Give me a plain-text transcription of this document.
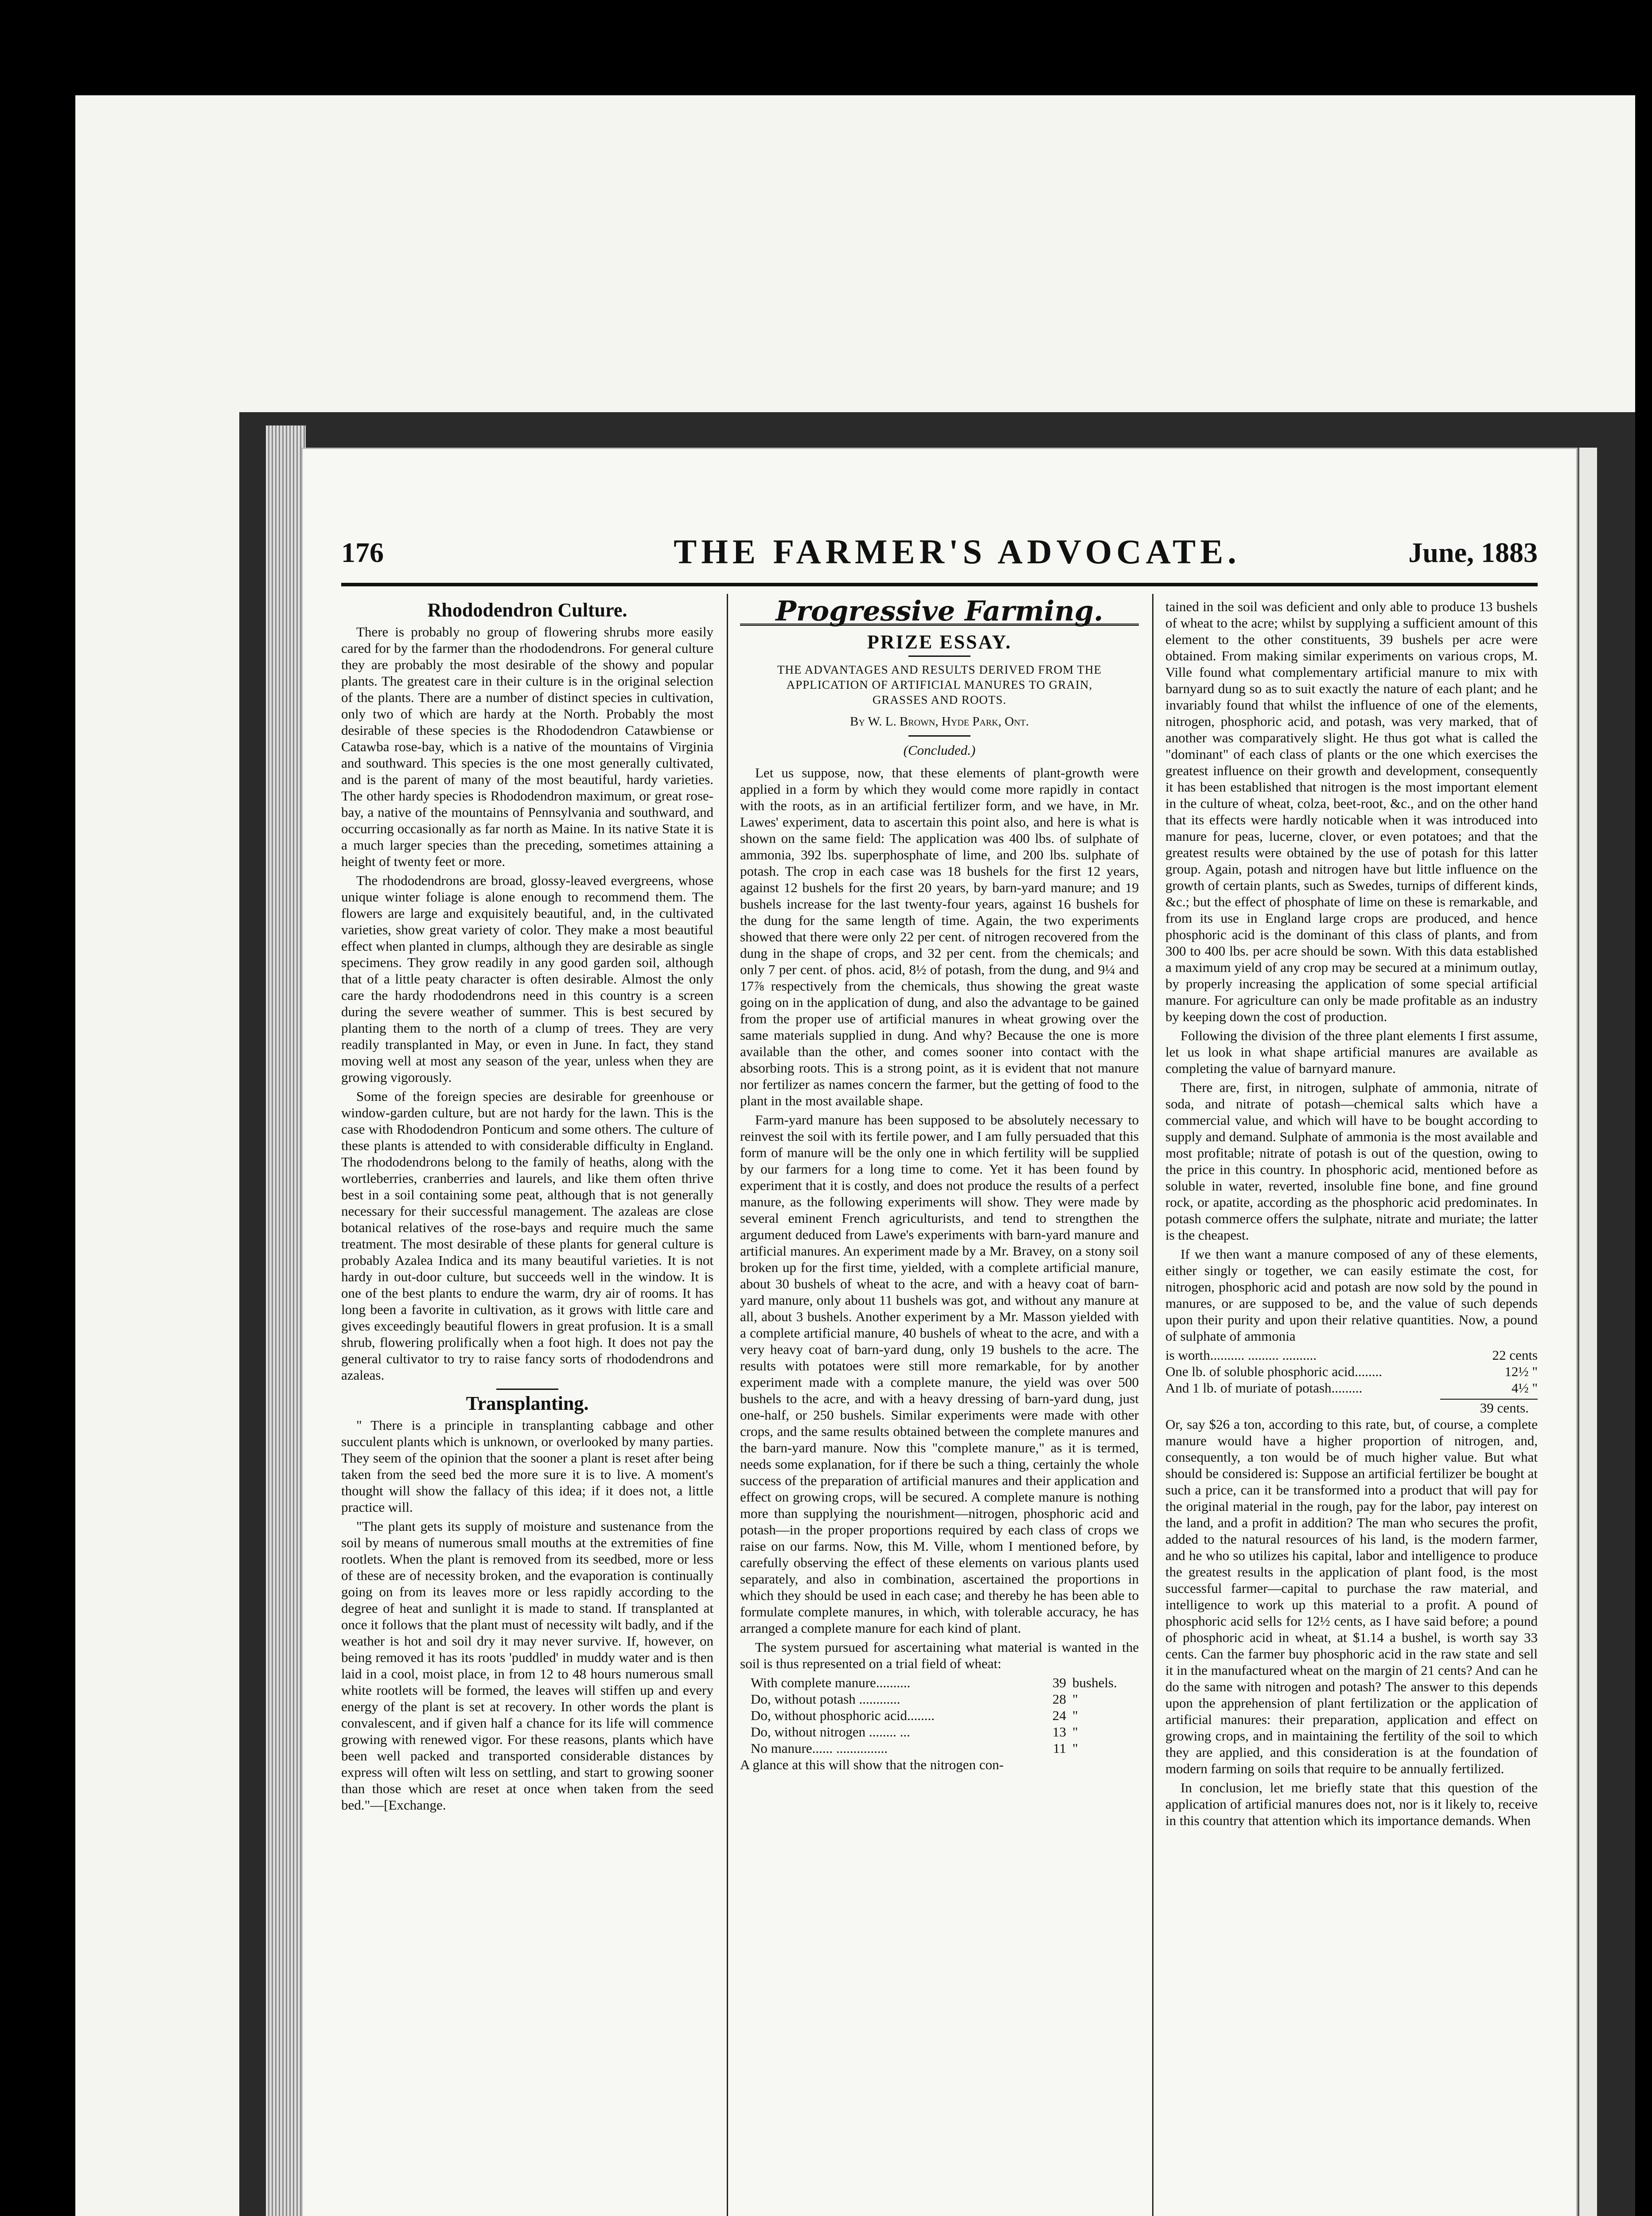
176	THE FARMER'S ADVOCATE.	June, 1883
Rhododendron Culture.

There is probably no group of flowering shrubs more easily cared for by the farmer than the rhododendrons. For general culture they are probably the most desirable of the showy and popular plants. The greatest care in their culture is in the original selection of the plants. There are a number of distinct species in cultivation, only two of which are hardy at the North. Probably the most desirable of these species is the Rhododendron Catawbiense or Catawba rose-bay, which is a native of the mountains of Virginia and southward. This species is the one most generally cultivated, and is the parent of many of the most beautiful, hardy varieties. The other hardy species is Rhododendron maximum, or great rose-bay, a native of the mountains of Pennsylvania and southward, and occurring occasionally as far north as Maine. In its native State it is a much larger species than the preceding, sometimes attaining a height of twenty feet or more.

The rhododendrons are broad, glossy-leaved evergreens, whose unique winter foliage is alone enough to recommend them. The flowers are large and exquisitely beautiful, and, in the cultivated varieties, show great variety of color. They make a most beautiful effect when planted in clumps, although they are desirable as single specimens. They grow readily in any good garden soil, although that of a little peaty character is often desirable. Almost the only care the hardy rhododendrons need in this country is a screen during the severe weather of summer. This is best secured by planting them to the north of a clump of trees. They are very readily transplanted in May, or even in June. In fact, they stand moving well at most any season of the year, unless when they are growing vigorously.

Some of the foreign species are desirable for greenhouse or window-garden culture, but are not hardy for the lawn. This is the case with Rhododendron Ponticum and some others. The culture of these plants is attended to with considerable difficulty in England. The rhododendrons belong to the family of heaths, along with the wortleberries, cranberries and laurels, and like them often thrive best in a soil containing some peat, although that is not generally necessary for their successful management. The azaleas are close botanical relatives of the rose-bays and require much the same treatment. The most desirable of these plants for general culture is probably Azalea Indica and its many beautiful varieties. It is not hardy in out-door culture, but succeeds well in the window. It is one of the best plants to endure the warm, dry air of rooms. It has long been a favorite in cultivation, as it grows with little care and gives exceedingly beautiful flowers in great profusion. It is a small shrub, flowering prolifically when a foot high. It does not pay the general cultivator to try to raise fancy sorts of rhododendrons and azaleas.

Transplanting.

" There is a principle in transplanting cabbage and other succulent plants which is unknown, or overlooked by many parties. They seem of the opinion that the sooner a plant is reset after being taken from the seed bed the more sure it is to live. A moment's thought will show the fallacy of this idea; if it does not, a little practice will.

"The plant gets its supply of moisture and sustenance from the soil by means of numerous small mouths at the extremities of fine rootlets. When the plant is removed from its seedbed, more or less of these are of necessity broken, and the evaporation is continually going on from its leaves more or less rapidly according to the degree of heat and sunlight it is made to stand. If transplanted at once it follows that the plant must of necessity wilt badly, and if the weather is hot and soil dry it may never survive. If, however, on being removed it has its roots 'puddled' in muddy water and is then laid in a cool, moist place, in from 12 to 48 hours numerous small white rootlets will be formed, the leaves will stiffen up and every energy of the plant is set at recovery. In other words the plant is convalescent, and if given half a chance for its life will commence growing with renewed vigor. For these reasons, plants which have been well packed and transported considerable distances by express will often wilt less on settling, and start to growing sooner than those which are reset at once when taken from the seed bed."—[Exchange.

Progressive Farming.
PRIZE ESSAY.
THE ADVANTAGES AND RESULTS DERIVED FROM THE APPLICATION OF ARTIFICIAL MANURES TO GRAIN, GRASSES AND ROOTS.
By W. L. Brown, Hyde Park, Ont.
(Concluded.)

Let us suppose, now, that these elements of plant-growth were applied in a form by which they would come more rapidly in contact with the roots, as in an artificial fertilizer form, and we have, in Mr. Lawes' experiment, data to ascertain this point also, and here is what is shown on the same field: The application was 400 lbs. of sulphate of ammonia, 392 lbs. superphosphate of lime, and 200 lbs. sulphate of potash. The crop in each case was 18 bushels for the first 12 years, against 12 bushels for the first 20 years, by barn-yard manure; and 19 bushels increase for the last twenty-four years, against 16 bushels for the dung for the same length of time. Again, the two experiments showed that there were only 22 per cent. of nitrogen recovered from the dung in the shape of crops, and 32 per cent. from the chemicals; and only 7 per cent. of phos. acid, 8½ of potash, from the dung, and 9¼ and 17⅞ respectively from the chemicals, thus showing the great waste going on in the application of dung, and also the advantage to be gained from the proper use of artificial manures in wheat growing over the same materials supplied in dung. And why? Because the one is more available than the other, and comes sooner into contact with the absorbing roots. This is a strong point, as it is evident that not manure nor fertilizer as names concern the farmer, but the getting of food to the plant in the most available shape.

Farm-yard manure has been supposed to be absolutely necessary to reinvest the soil with its fertile power, and I am fully persuaded that this form of manure will be the only one in which fertility will be supplied by our farmers for a long time to come. Yet it has been found by experiment that it is costly, and does not produce the results of a perfect manure, as the following experiments will show. They were made by several eminent French agriculturists, and tend to strengthen the argument deduced from Lawe's experiments with barn-yard manure and artificial manures. An experiment made by a Mr. Bravey, on a stony soil broken up for the first time, yielded, with a complete artificial manure, about 30 bushels of wheat to the acre, and with a heavy coat of barn-yard manure, only about 11 bushels was got, and without any manure at all, about 3 bushels. Another experiment by a Mr. Masson yielded with a complete artificial manure, 40 bushels of wheat to the acre, and with a very heavy coat of barn-yard dung, only 19 bushels to the acre. The results with potatoes were still more remarkable, for by another experiment made with a complete manure, the yield was over 500 bushels to the acre, and with a heavy dressing of barn-yard dung, just one-half, or 250 bushels. Similar experiments were made with other crops, and the same results obtained between the complete manures and the barn-yard manure. Now this "complete manure," as it is termed, needs some explanation, for if there be such a thing, certainly the whole success of the preparation of artificial manures and their application and effect on growing crops, will be secured. A complete manure is nothing more than supplying the nourishment—nitrogen, phosphoric acid and potash—in the proper proportions required by each class of crops we raise on our farms. Now, this M. Ville, whom I mentioned before, by carefully observing the effect of these elements on various plants used separately, and also in combination, ascertained the proportions in which they should be used in each case; and thereby he has been able to formulate complete manures, in which, with tolerable accuracy, he has arranged a complete manure for each kind of plant.

The system pursued for ascertaining what material is wanted in the soil is thus represented on a trial field of wheat:

With complete manure..........	39 bushels.
Do, without potash ............	28 "
Do, without phosphoric acid........	24 "
Do, without nitrogen ........ ...	13 "
No manure...... ...............	11 "

A glance at this will show that the nitrogen con-

tained in the soil was deficient and only able to produce 13 bushels of wheat to the acre; whilst by supplying a sufficient amount of this element to the other constituents, 39 bushels per acre were obtained. From making similar experiments on various crops, M. Ville found what complementary artificial manure to mix with barnyard dung so as to suit exactly the nature of each plant; and he invariably found that whilst the influence of one of the elements, nitrogen, phosphoric acid, and potash, was very marked, that of another was comparatively slight. He thus got what is called the "dominant" of each class of plants or the one which exercises the greatest influence on their growth and development, consequently it has been established that nitrogen is the most important element in the culture of wheat, colza, beet-root, &c., and on the other hand that its effects were hardly noticable when it was introduced into manure for peas, lucerne, clover, or even potatoes; and that the greatest results were obtained by the use of potash for this latter group. Again, potash and nitrogen have but little influence on the growth of certain plants, such as Swedes, turnips of different kinds, &c.; but the effect of phosphate of lime on these is remarkable, and from its use in England large crops are produced, and hence phosphoric acid is the dominant of this class of plants, and from 300 to 400 lbs. per acre should be sown. With this data established a maximum yield of any crop may be secured at a minimum outlay, by properly increasing the application of some special artificial manure. For agriculture can only be made profitable as an industry by keeping down the cost of production.

Following the division of the three plant elements I first assume, let us look in what shape artificial manures are available as completing the value of barnyard manure.

There are, first, in nitrogen, sulphate of ammonia, nitrate of soda, and nitrate of potash—chemical salts which have a commercial value, and which will have to be bought according to supply and demand. Sulphate of ammonia is the most available and most profitable; nitrate of potash is out of the question, owing to the price in this country. In phosphoric acid, mentioned before as soluble in water, reverted, insoluble fine bone, and fine ground rock, or apatite, according as the phosphoric acid predominates. In potash commerce offers the sulphate, nitrate and muriate; the latter is the cheapest.

If we then want a manure composed of any of these elements, either singly or together, we can easily estimate the cost, for nitrogen, phosphoric acid and potash are now sold by the pound in manures, or are supposed to be, and the value of such depends upon their purity and upon their relative quantities. Now, a pound of sulphate of ammonia

is worth.......... ......... ..........	22 cents
One lb. of soluble phosphoric acid........	12½ "
And 1 lb. of muriate of potash.........	4½ "
39 cents.

Or, say $26 a ton, according to this rate, but, of course, a complete manure would have a higher proportion of nitrogen, and, consequently, a ton would be of much higher value. But what should be considered is: Suppose an artificial fertilizer be bought at such a price, can it be transformed into a product that will pay for the original material in the rough, pay for the labor, pay interest on the land, and a profit in addition? The man who secures the profit, added to the natural resources of his land, is the modern farmer, and he who so utilizes his capital, labor and intelligence to produce the greatest results in the application of plant food, is the most successful farmer—capital to purchase the raw material, and intelligence to work up this material to a profit. A pound of phosphoric acid sells for 12½ cents, as I have said before; a pound of phosphoric acid in wheat, at $1.14 a bushel, is worth say 33 cents. Can the farmer buy phosphoric acid in the raw state and sell it in the manufactured wheat on the margin of 21 cents? And can he do the same with nitrogen and potash? The answer to this depends upon the apprehension of plant fertilization or the application of artificial manures: their preparation, application and effect on growing crops, and in maintaining the fertility of the soil to which they are applied, and this consideration is at the foundation of modern farming on soils that require to be annually fertilized.

In conclusion, let me briefly state that this question of the application of artificial manures does not, nor is it likely to, receive in this country that attention which its importance demands. When
